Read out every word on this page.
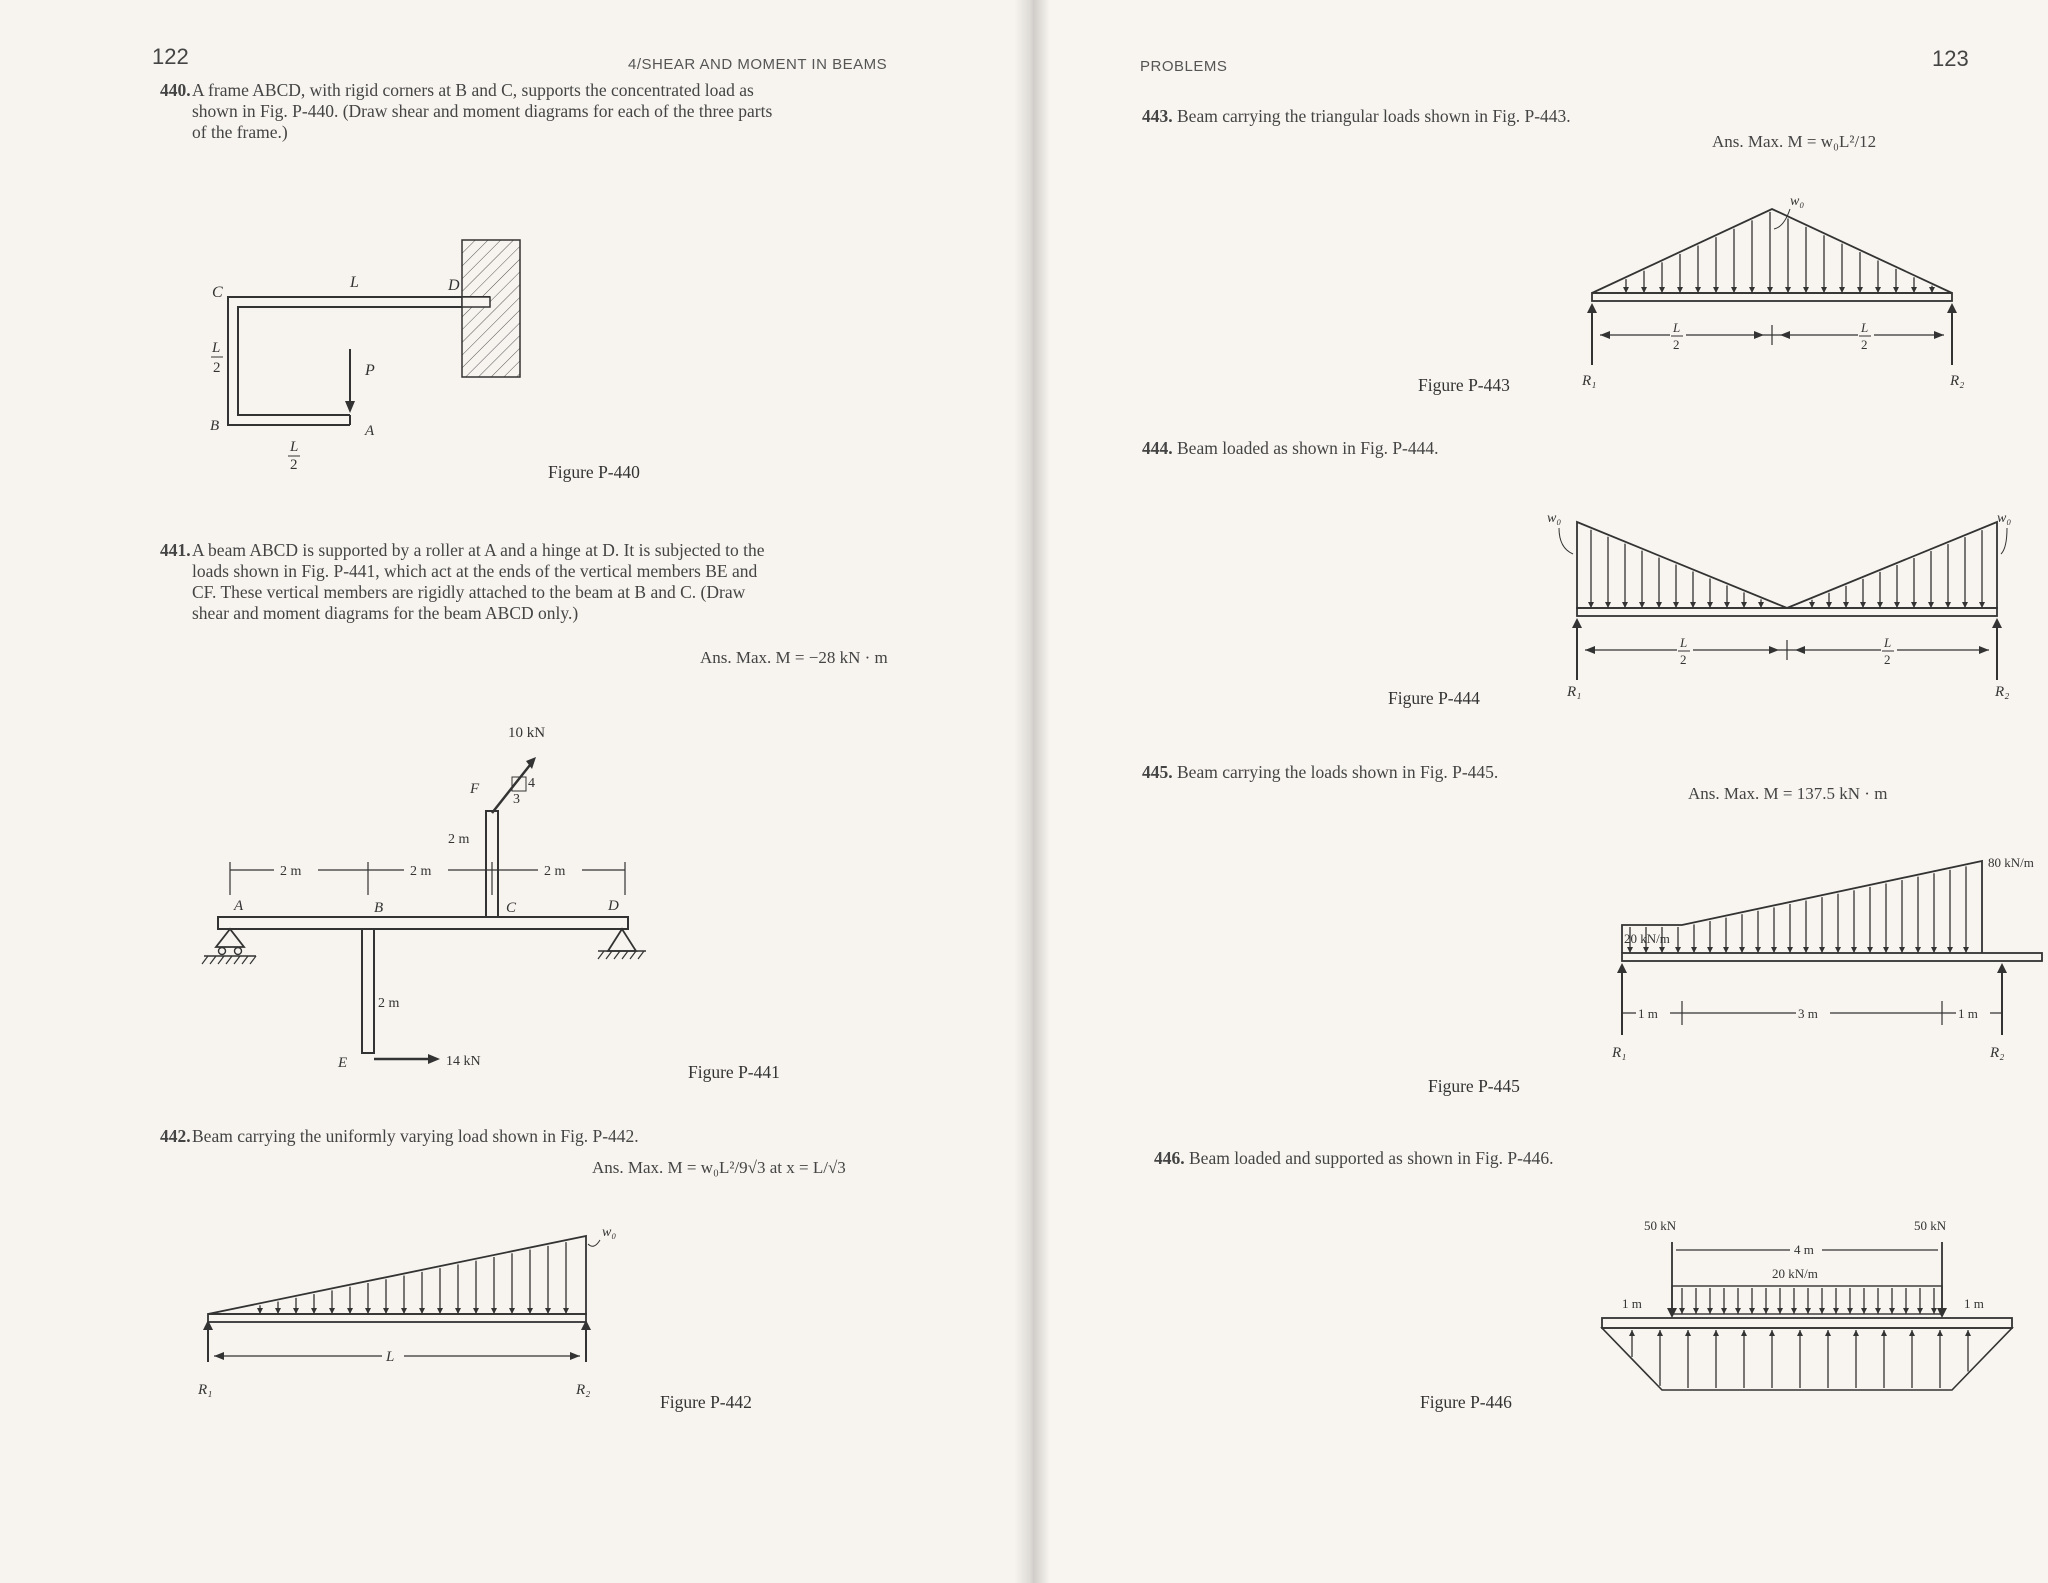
122	4/SHEAR AND MOMENT IN BEAMS
440. A frame ABCD, with rigid corners at B and C, supports the concentrated load as
shown in Fig. P-440. (Draw shear and moment diagrams for each of the three parts
of the frame.)
C
L	D
L
2	P
B	A
L
2	Figure P-440
441. A beam ABCD is supported by a roller at A and a hinge at D. It is subjected to the
loads shown in Fig. P-441, which act at the ends of the vertical members BE and
CF. These vertical members are rigidly attached to the beam at B and C. (Draw
shear and moment diagrams for the beam ABCD only.)
Ans. Max. M = −28 kN · m
10 kN
4
3
F
2 m
2 m	2 m	2 m
A	B	C	D
2 m
E	14 kN
Figure P-441
442. Beam carrying the uniformly varying load shown in Fig. P-442.
Ans. Max. M = w₀L²/9√3 at x = L/√3
L
w₀
R₁	R₂
Figure P-442
PROBLEMS	123
443. Beam carrying the triangular loads shown in Fig. P-443.
Ans. Max. M = w₀L²/12
L
2
L
2
w₀
R₁	R₂
Figure P-443
444. Beam loaded as shown in Fig. P-444.
L
2
L
2
w₀	w₀
R₁	R₂
Figure P-444
445. Beam carrying the loads shown in Fig. P-445.
Ans. Max. M = 137.5 kN · m
1 m	3 m	1 m
20 kN/m
80 kN/m
R₁	R₂
Figure P-445
446. Beam loaded and supported as shown in Fig. P-446.
50 kN	50 kN
4 m
20 kN/m
1 m	1 m
Figure P-446
